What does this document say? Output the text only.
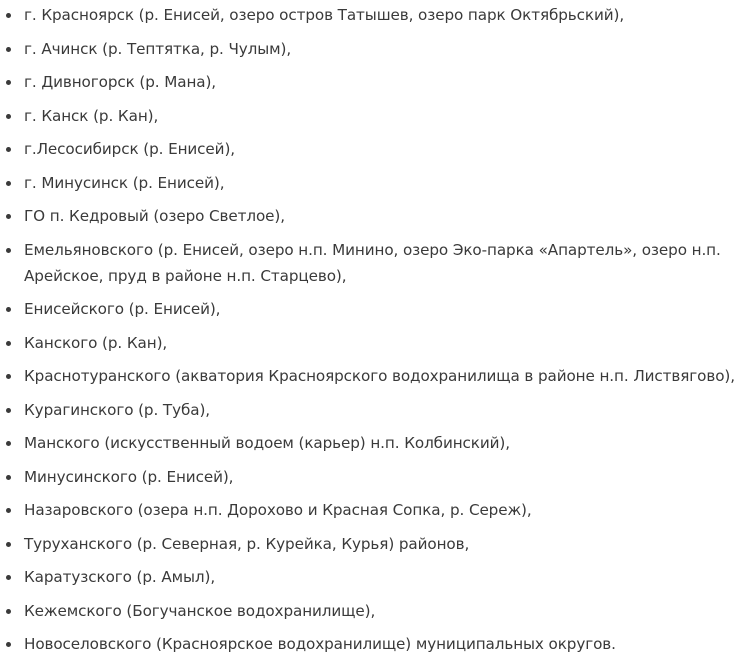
г. Красноярск (р. Енисей, озеро остров Татышев, озеро парк Октябрьский),
г. Ачинск (р. Тептятка, р. Чулым),
г. Дивногорск (р. Мана),
г. Канск (р. Кан),
г.Лесосибирск (р. Енисей),
г. Минусинск (р. Енисей),
ГО п. Кедровый (озеро Светлое),
Емельяновского (р. Енисей, озеро н.п. Минино, озеро Эко-парка «Апартель», озеро н.п. Арейское, пруд в районе н.п. Старцево),
Енисейского (р. Енисей),
Канского (р. Кан),
Краснотуранского (акватория Красноярского водохранилища в районе н.п. Листвягово),
Курагинского (р. Туба),
Манского (искусственный водоем (карьер) н.п. Колбинский),
Минусинского (р. Енисей),
Назаровского (озера н.п. Дорохово и Красная Сопка, р. Сереж),
Туруханского (р. Северная, р. Курейка, Курья) районов,
Каратузского (р. Амыл),
Кежемского (Богучанское водохранилище),
Новоселовского (Красноярское водохранилище) муниципальных округов.
